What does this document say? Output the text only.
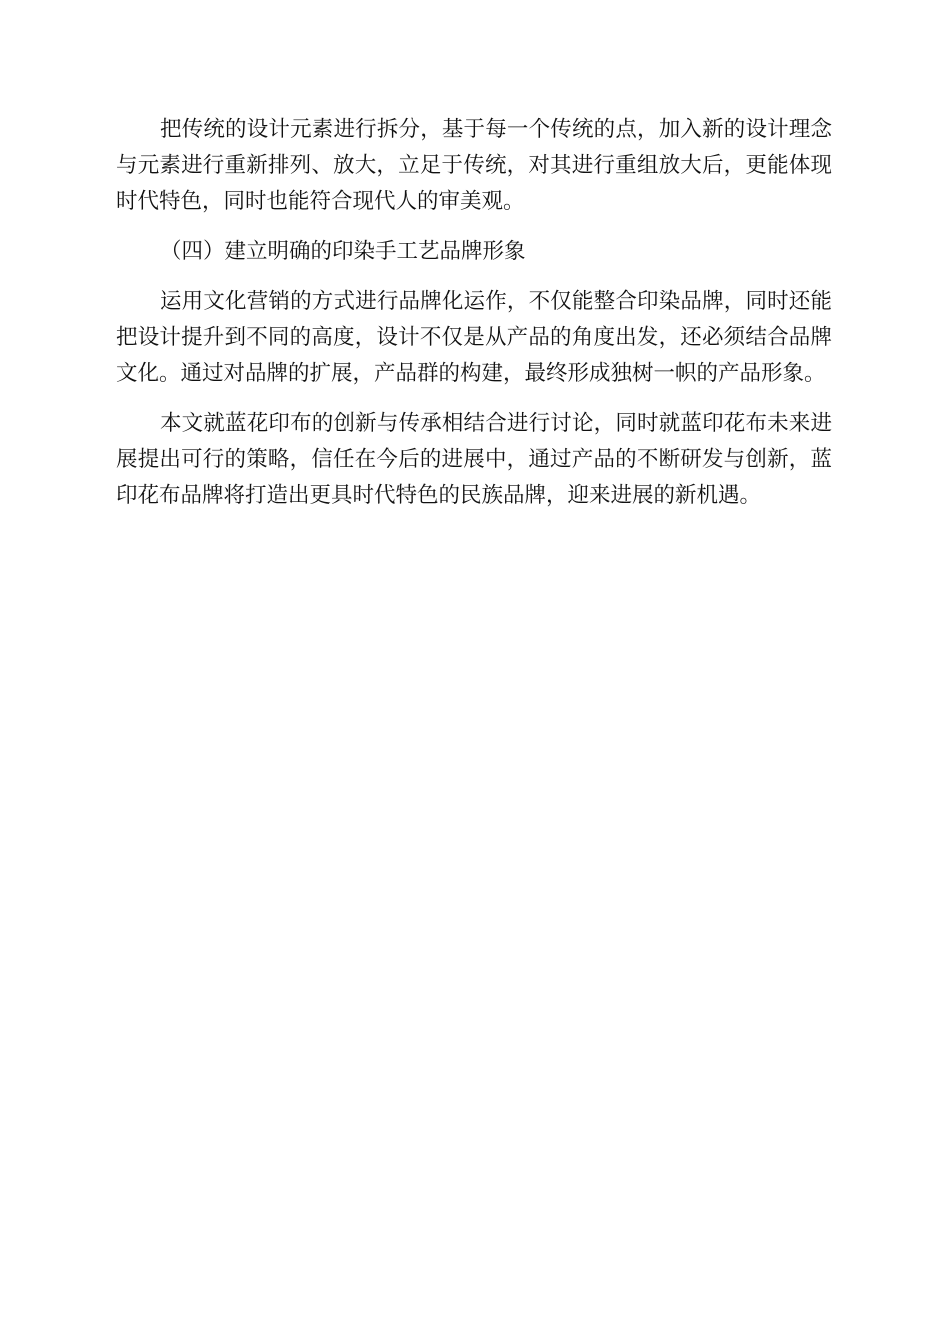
把传统的设计元素进行拆分，基于每一个传统的点，加入新的设计理念与元素进行重新排列、放大，立足于传统，对其进行重组放大后，更能体现时代特色，同时也能符合现代人的审美观。

（四）建立明确的印染手工艺品牌形象

运用文化营销的方式进行品牌化运作，不仅能整合印染品牌，同时还能把设计提升到不同的高度，设计不仅是从产品的角度出发，还必须结合品牌文化。通过对品牌的扩展，产品群的构建，最终形成独树一帜的产品形象。

本文就蓝花印布的创新与传承相结合进行讨论，同时就蓝印花布未来进展提出可行的策略，信任在今后的进展中，通过产品的不断研发与创新，蓝印花布品牌将打造出更具时代特色的民族品牌，迎来进展的新机遇。
